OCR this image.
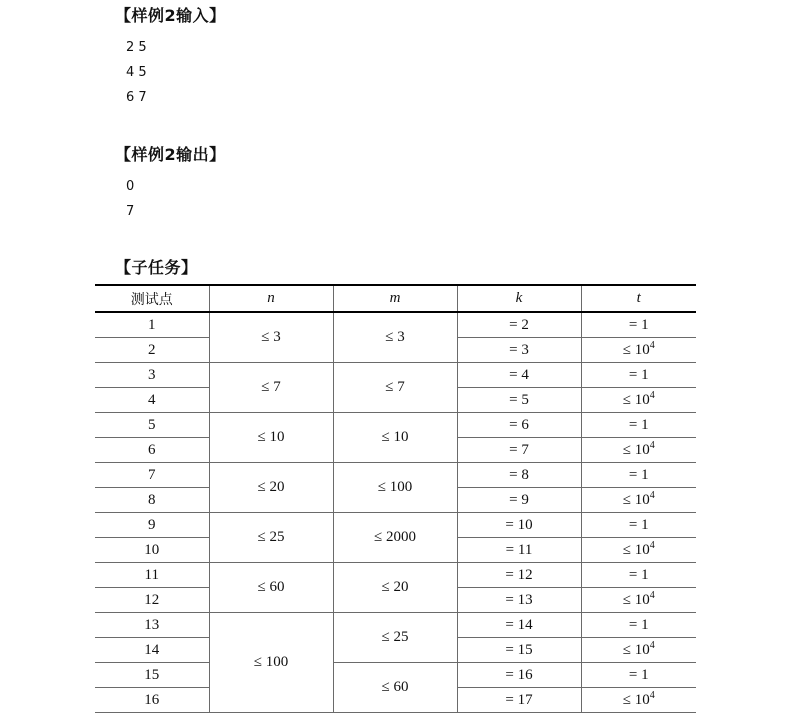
【样例2输入】
2 5
4 5
6 7
【样例2输出】
0
7
【子任务】
测试点	n	m	k	t
1	≤ 3	≤ 3	= 2	= 1
2			= 3	≤ $10^4$
3	≤ 7	≤ 7	= 4	= 1
4			= 5	≤ $10^4$
5	≤ 10	≤ 10	= 6	= 1
6			= 7	≤ $10^4$
7	≤ 20	≤ 100	= 8	= 1
8			= 9	≤ $10^4$
9	≤ 25	≤ 2000	= 10	= 1
10			= 11	≤ $10^4$
11	≤ 60	≤ 20	= 12	= 1
12			= 13	≤ $10^4$
13	≤ 100	≤ 25	= 14	= 1
14			= 15	≤ $10^4$
15		≤ 60	= 16	= 1
16			= 17	≤ $10^4$
